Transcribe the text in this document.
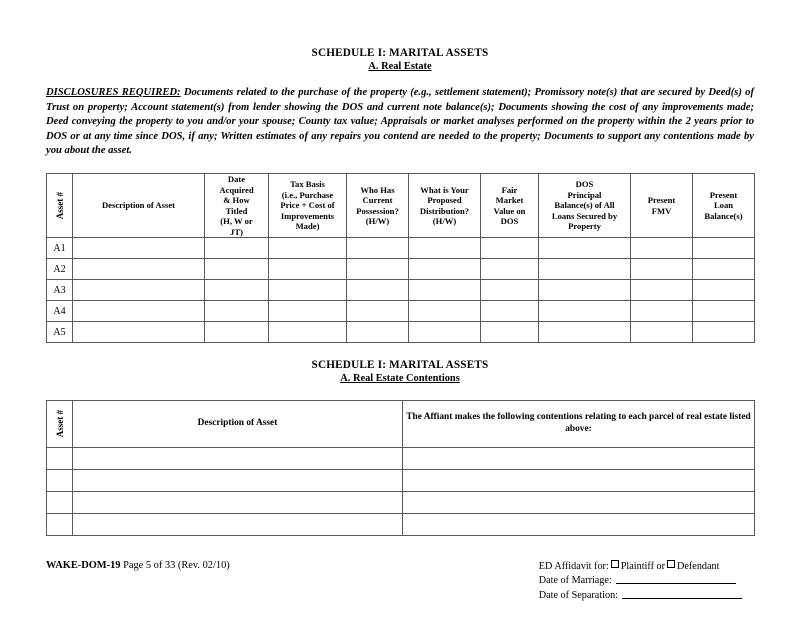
SCHEDULE I: MARITAL ASSETS
A. Real Estate
DISCLOSURES REQUIRED: Documents related to the purchase of the property (e.g., settlement statement); Promissory note(s) that are secured by Deed(s) of Trust on property; Account statement(s) from lender showing the DOS and current note balance(s); Documents showing the cost of any improvements made; Deed conveying the property to you and/or your spouse; County tax value; Appraisals or market analyses performed on the property within the 2 years prior to DOS or at any time since DOS, if any; Written estimates of any repairs you contend are needed to the property; Documents to support any contentions made by you about the asset.
Asset #	Description of Asset	Date
Acquired
& How
Titled
(H, W or
JT)	Tax Basis
(i.e., Purchase
Price + Cost of
Improvements
Made)	Who Has
Current
Possession?
(H/W)	What is Your
Proposed
Distribution?
(H/W)	Fair
Market
Value on
DOS	DOS
Principal
Balance(s) of All
Loans Secured by
Property	Present
FMV	Present
Loan
Balance(s)
A1									
A2									
A3									
A4									
A5									
SCHEDULE I: MARITAL ASSETS
A. Real Estate Contentions
Asset #	Description of Asset	The Affiant makes the following contentions relating to each parcel of real estate listed above:

WAKE-DOM-19 Page 5 of 33 (Rev. 02/10)	ED Affidavit for: Plaintiff or Defendant
Date of Marriage:
Date of Separation:
